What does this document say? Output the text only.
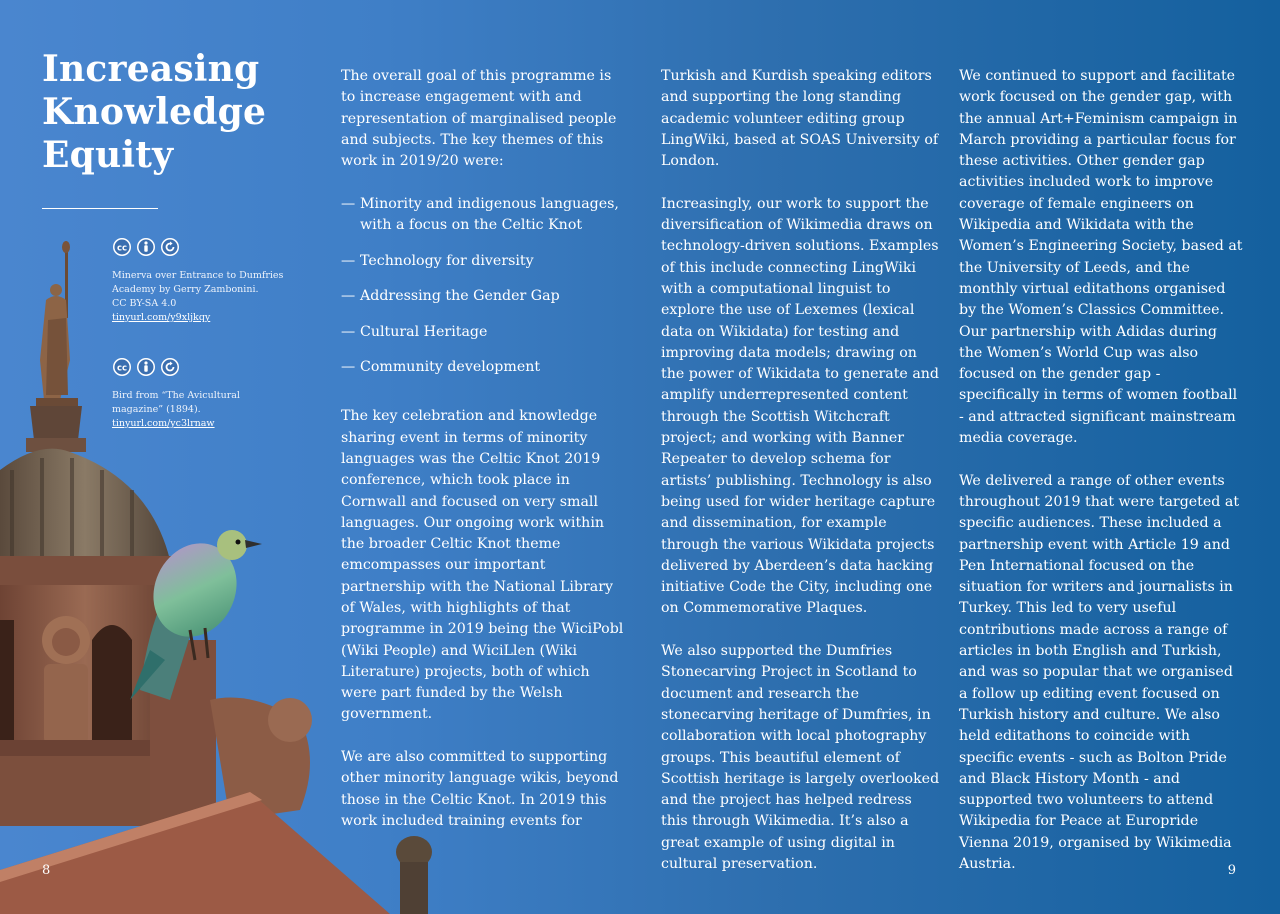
Increasing
Knowledge
Equity
cc

Minerva over Entrance to Dumfries

Academy by Gerry Zambonini.

CC BY-SA 4.0

tinyurl.com/y9xljkqy

cc

Bird from “The Avicultural

magazine” (1894).

tinyurl.com/yc3lrnaw

The overall goal of this programme is to increase engagement with and representation of marginalised people and subjects. The key themes of this work in 2019/20 were:

— Minority and indigenous languages, with a focus on the Celtic Knot
— Technology for diversity
— Addressing the Gender Gap
— Cultural Heritage
— Community development

The key celebration and knowledge sharing event in terms of minority languages was the Celtic Knot 2019 conference, which took place in Cornwall and focused on very small languages. Our ongoing work within the broader Celtic Knot theme emcompasses our important partnership with the National Library of Wales, with highlights of that programme in 2019 being the WiciPobl (Wiki People) and WiciLlen (Wiki Literature) projects, both of which were part funded by the Welsh government.

We are also committed to supporting other minority language wikis, beyond those in the Celtic Knot. In 2019 this work included training events for

Turkish and Kurdish speaking editors and supporting the long standing academic volunteer editing group LingWiki, based at SOAS University of London.

Increasingly, our work to support the diversification of Wikimedia draws on technology-driven solutions. Examples of this include connecting LingWiki with a computational linguist to explore the use of Lexemes (lexical data on Wikidata) for testing and improving data models; drawing on the power of Wikidata to generate and amplify underrepresented content through the Scottish Witchcraft project; and working with Banner Repeater to develop schema for artists’ publishing. Technology is also being used for wider heritage capture and dissemination, for example through the various Wikidata projects delivered by Aberdeen’s data hacking initiative Code the City, including one on Commemorative Plaques.

We also supported the Dumfries Stonecarving Project in Scotland to document and research the stonecarving heritage of Dumfries, in collaboration with local photography groups. This beautiful element of Scottish heritage is largely overlooked and the project has helped redress this through Wikimedia. It’s also a great example of using digital in cultural preservation.

We continued to support and facilitate work focused on the gender gap, with the annual Art+Feminism campaign in March providing a particular focus for these activities. Other gender gap activities included work to improve coverage of female engineers on Wikipedia and Wikidata with the Women’s Engineering Society, based at the University of Leeds, and the monthly virtual editathons organised by the Women’s Classics Committee. Our partnership with Adidas during the Women’s World Cup was also focused on the gender gap - specifically in terms of women football - and attracted significant mainstream media coverage.

We delivered a range of other events throughout 2019 that were targeted at specific audiences. These included a partnership event with Article 19 and Pen International focused on the situation for writers and journalists in Turkey. This led to very useful contributions made across a range of articles in both English and Turkish, and was so popular that we organised a follow up editing event focused on Turkish history and culture. We also held editathons to coincide with specific events - such as Bolton Pride and Black History Month - and supported two volunteers to attend Wikipedia for Peace at Europride Vienna 2019, organised by Wikimedia Austria.

8	9
